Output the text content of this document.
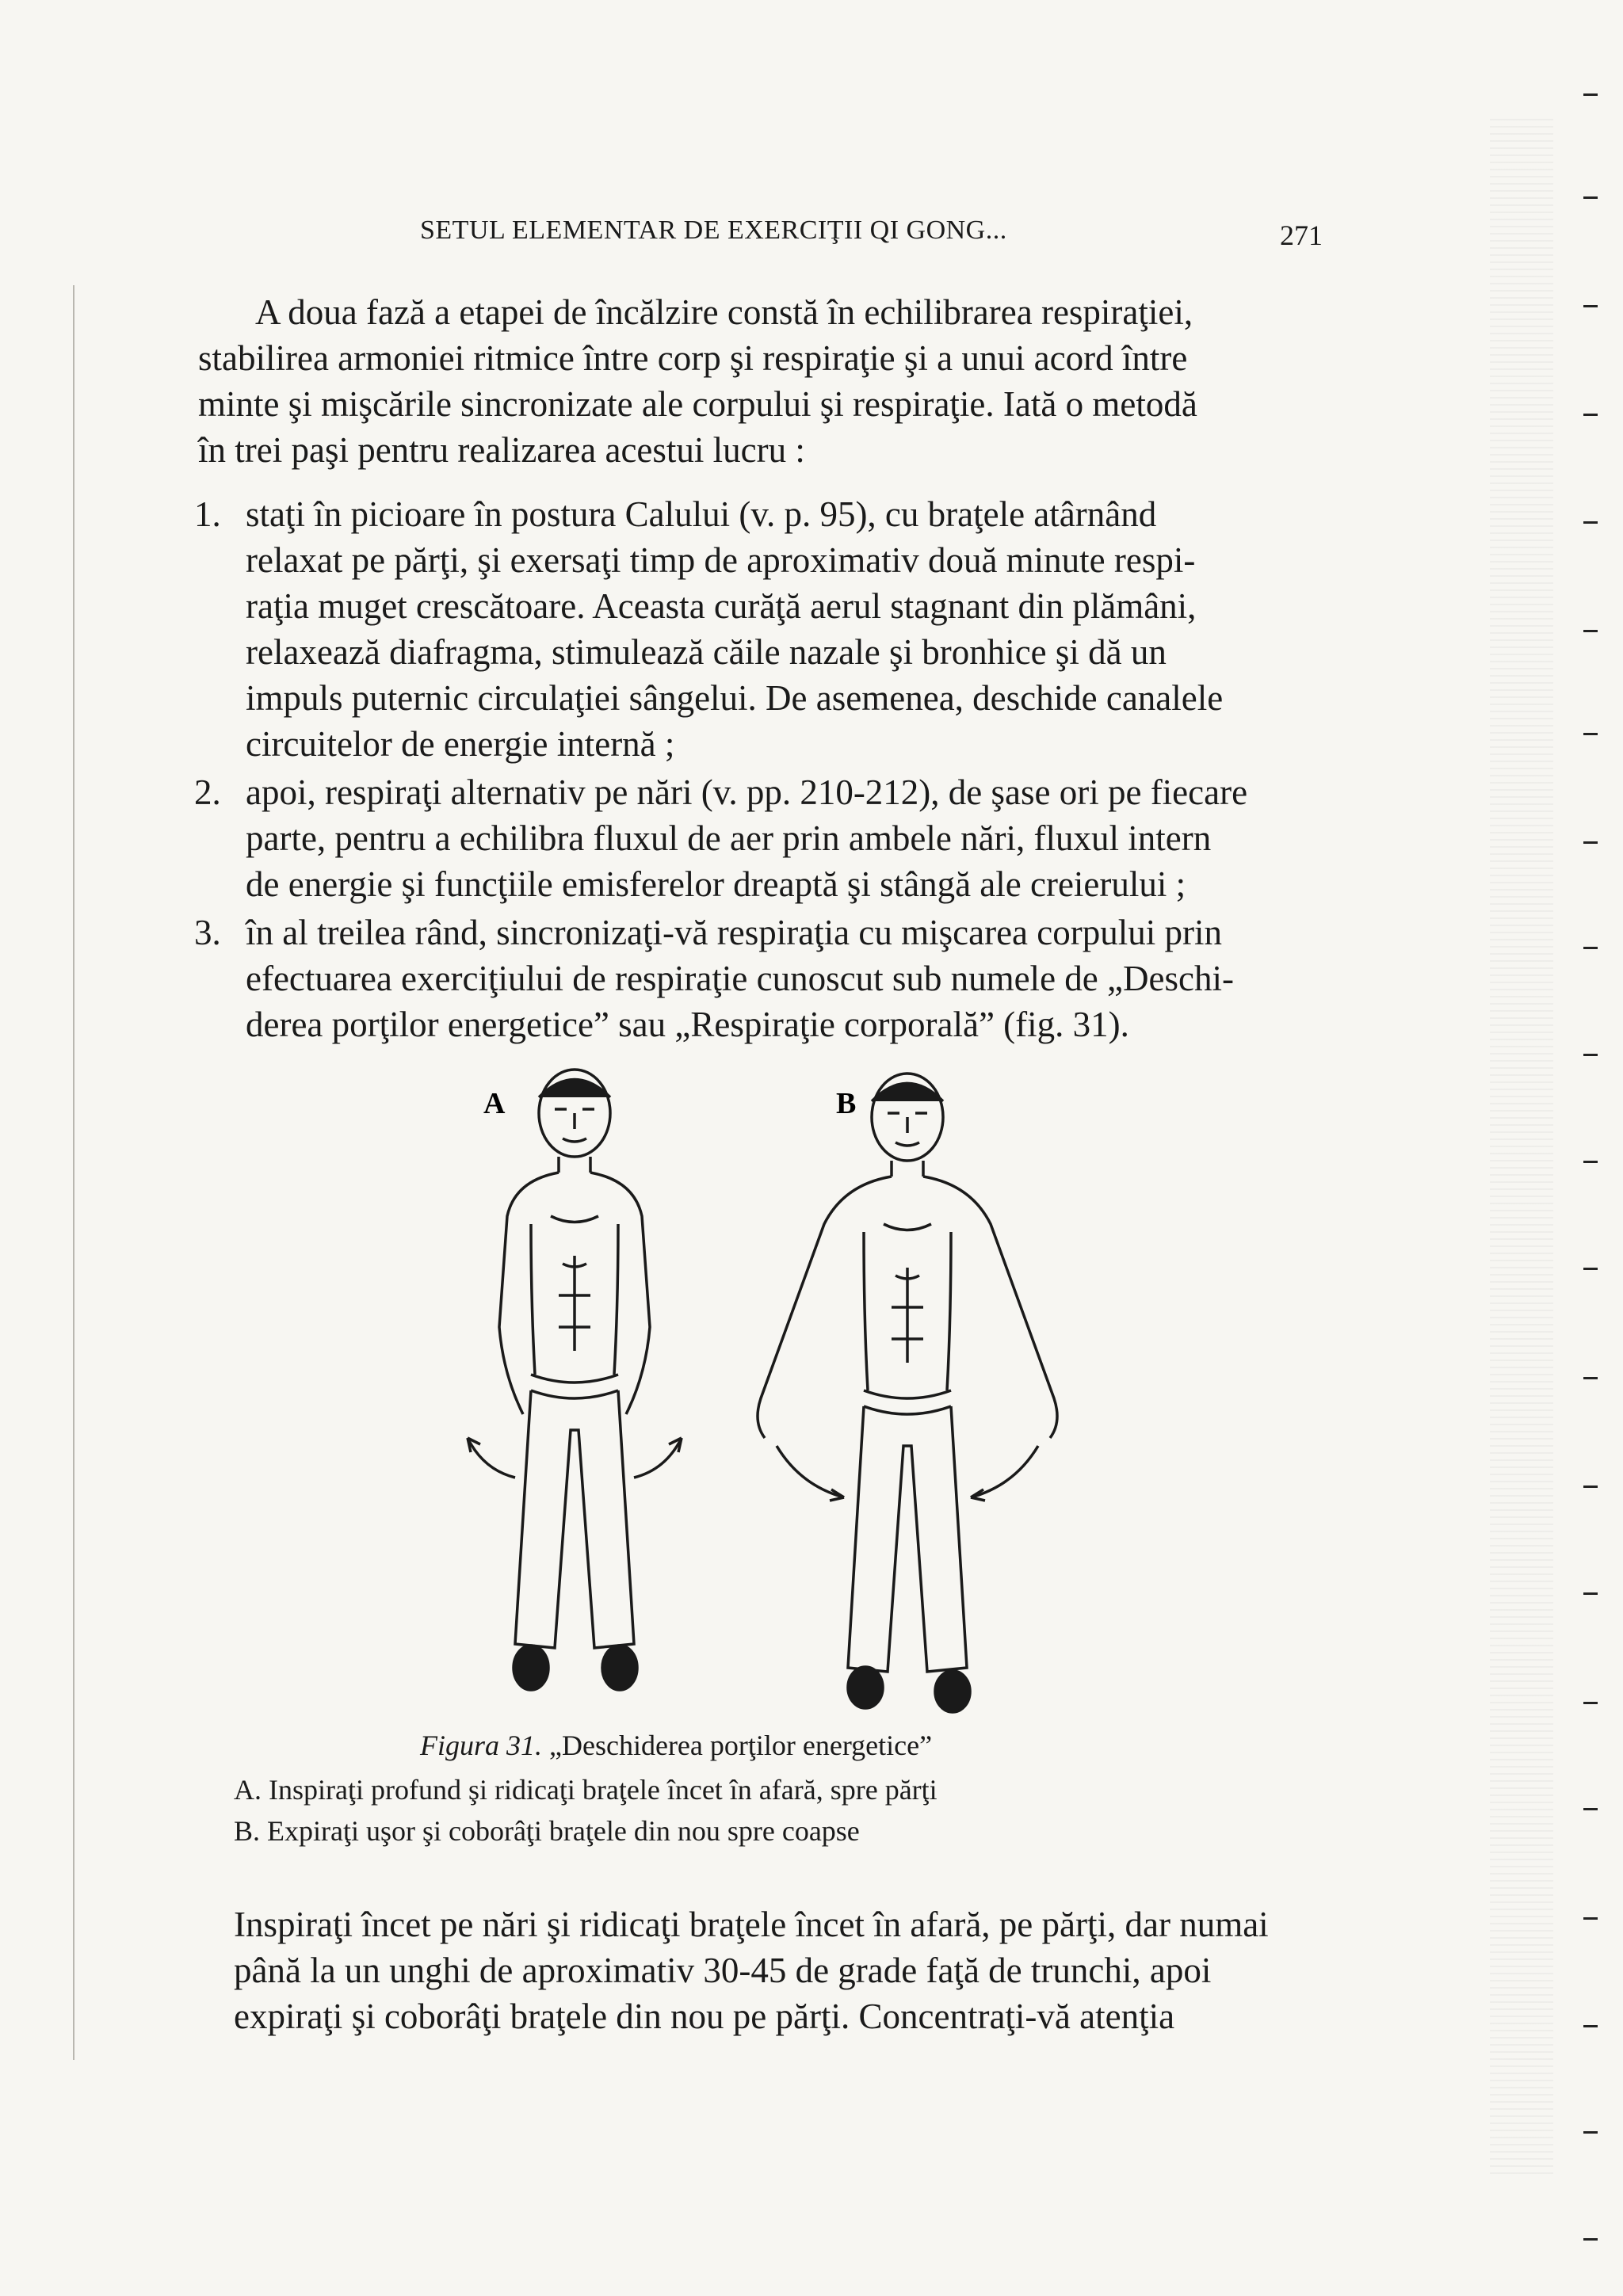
SETUL ELEMENTAR DE EXERCIŢII QI GONG...	271
A doua fază a etapei de încălzire constă în echilibrarea respiraţiei,
stabilirea armoniei ritmice între corp şi respiraţie şi a unui acord între
minte şi mişcările sincronizate ale corpului şi respiraţie. Iată o metodă
în trei paşi pentru realizarea acestui lucru :
1. staţi în picioare în postura Calului (v. p. 95), cu braţele atârnând
relaxat pe părţi, şi exersaţi timp de aproximativ două minute respi-
raţia muget crescătoare. Aceasta curăţă aerul stagnant din plămâni,
relaxează diafragma, stimulează căile nazale şi bronhice şi dă un
impuls puternic circulaţiei sângelui. De asemenea, deschide canalele
circuitelor de energie internă ;
2. apoi, respiraţi alternativ pe nări (v. pp. 210-212), de şase ori pe fiecare
parte, pentru a echilibra fluxul de aer prin ambele nări, fluxul intern
de energie şi funcţiile emisferelor dreaptă şi stângă ale creierului ;
3. în al treilea rând, sincronizaţi-vă respiraţia cu mişcarea corpului prin
efectuarea exerciţiului de respiraţie cunoscut sub numele de „Deschi-
derea porţilor energetice” sau „Respiraţie corporală” (fig. 31).
A	B
Figura 31. „Deschiderea porţilor energetice”
A. Inspiraţi profund şi ridicaţi braţele încet în afară, spre părţi
B. Expiraţi uşor şi coborâţi braţele din nou spre coapse
Inspiraţi încet pe nări şi ridicaţi braţele încet în afară, pe părţi, dar numai
până la un unghi de aproximativ 30-45 de grade faţă de trunchi, apoi
expiraţi şi coborâţi braţele din nou pe părţi. Concentraţi-vă atenţia
